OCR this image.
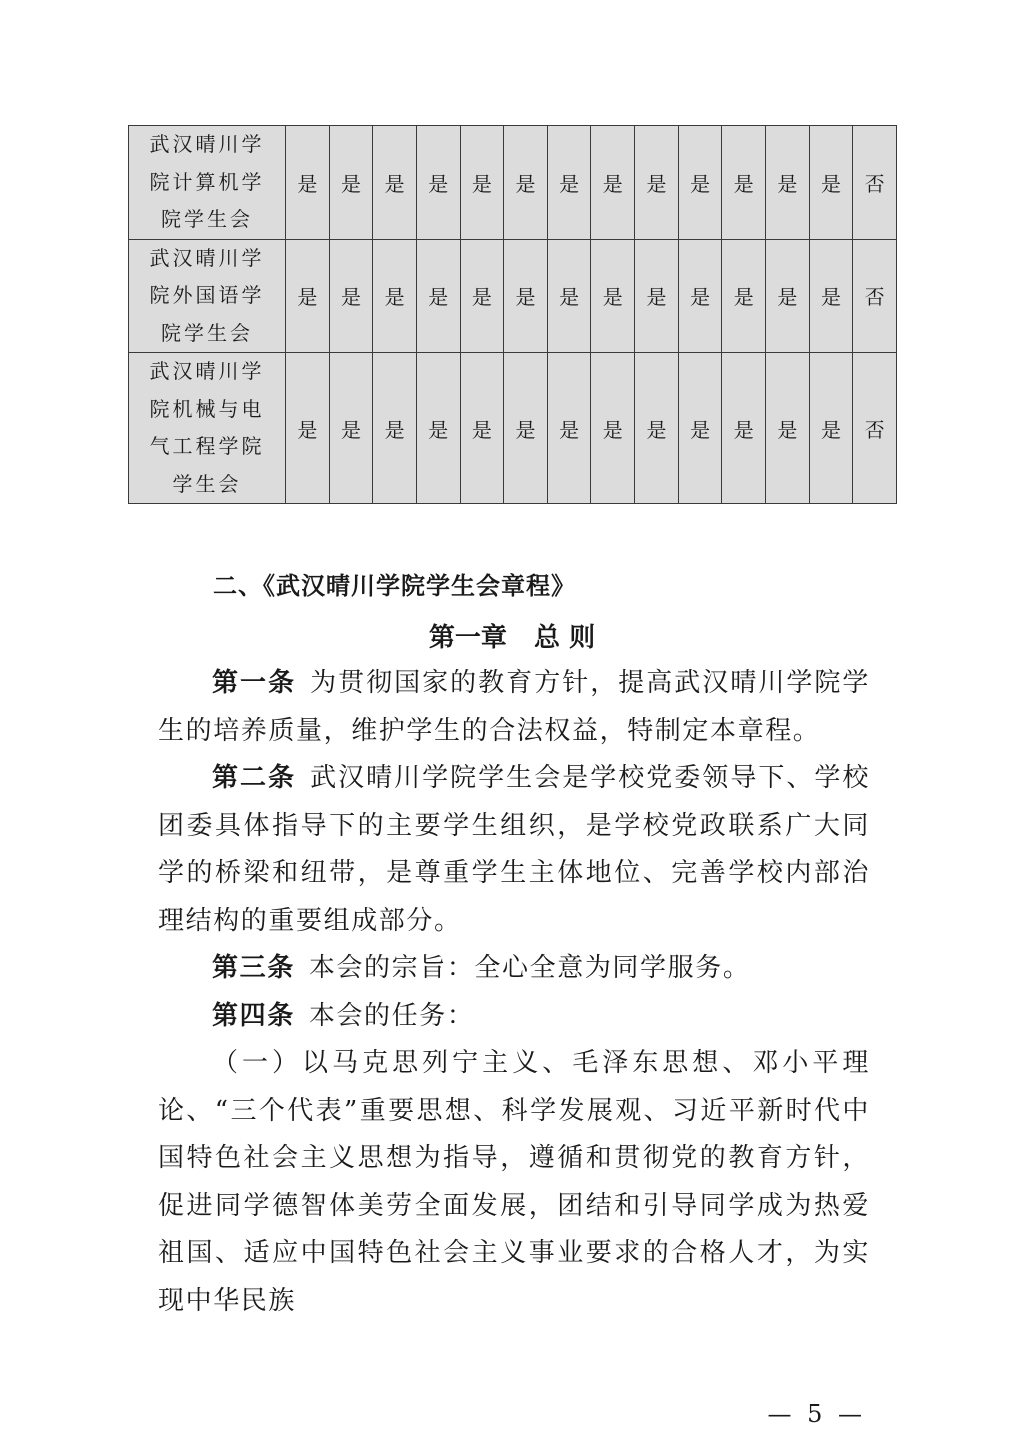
武汉晴川学
院计算机学
院学生会	是	是	是	是	是	是	是	是	是	是	是	是	是	否

武汉晴川学
院外国语学
院学生会	是	是	是	是	是	是	是	是	是	是	是	是	是	否

武汉晴川学
院机械与电
气工程学院
学生会	是	是	是	是	是	是	是	是	是	是	是	是	是	否
二、《武汉晴川学院学生会章程》
第一章   总 则

第一条 为贯彻国家的教育方针，提高武汉晴川学院学生的培养质量，维护学生的合法权益，特制定本章程。

第二条 武汉晴川学院学生会是学校党委领导下、学校团委具体指导下的主要学生组织，是学校党政联系广大同学的桥梁和纽带，是尊重学生主体地位、完善学校内部治理结构的重要组成部分。

第三条 本会的宗旨：全心全意为同学服务。

第四条 本会的任务：

（一）以马克思列宁主义、毛泽东思想、邓小平理论、“三个代表”重要思想、科学发展观、习近平新时代中国特色社会主义思想为指导，遵循和贯彻党的教育方针，促进同学德智体美劳全面发展，团结和引导同学成为热爱祖国、适应中国特色社会主义事业要求的合格人才，为实现中华民族

— 5 —
